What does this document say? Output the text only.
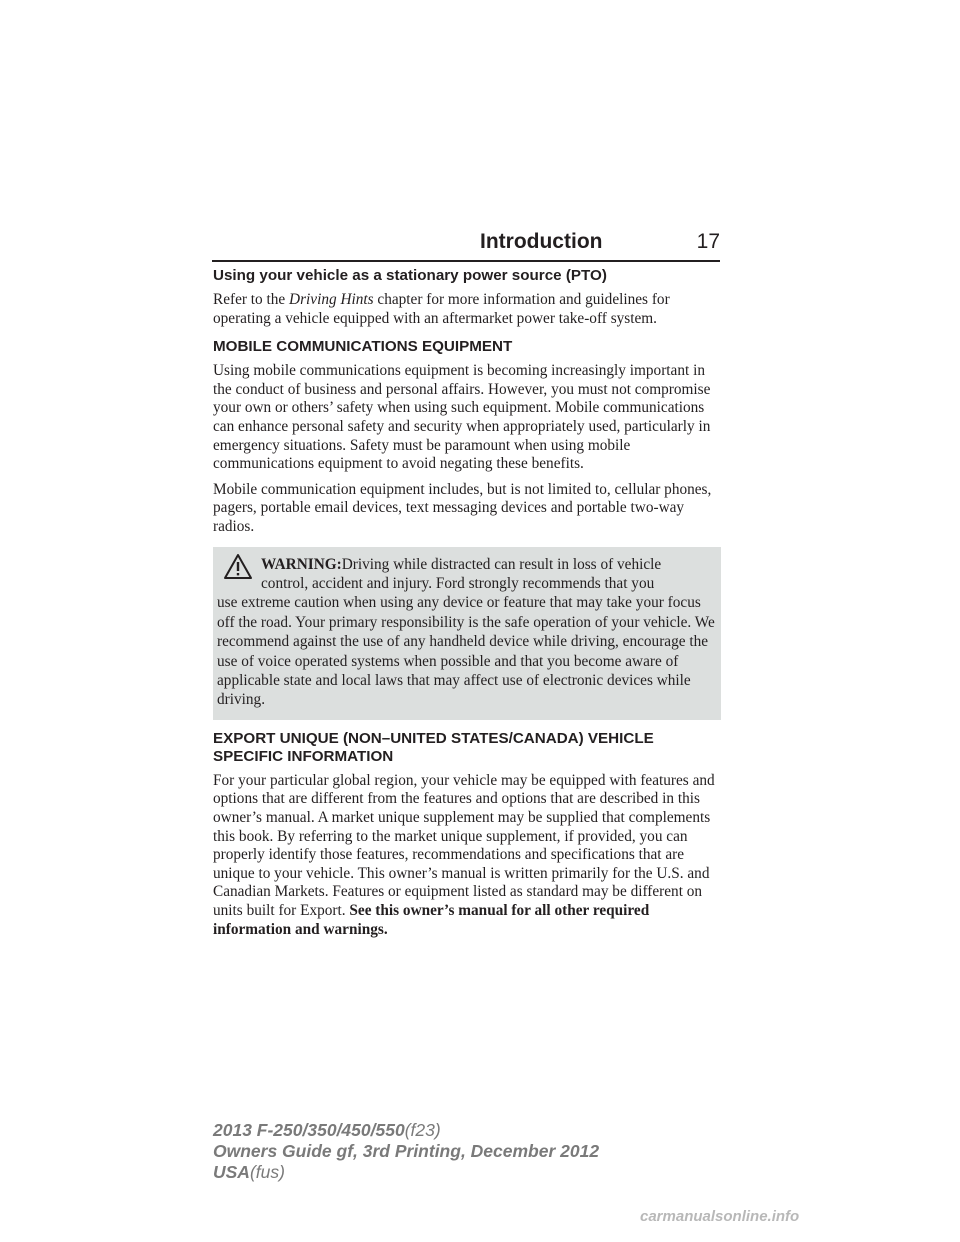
Introduction	17
Using your vehicle as a stationary power source (PTO)

Refer to the Driving Hints chapter for more information and guidelines for operating a vehicle equipped with an aftermarket power take-off system.

MOBILE COMMUNICATIONS EQUIPMENT

Using mobile communications equipment is becoming increasingly important in the conduct of business and personal affairs. However, you must not compromise your own or others’ safety when using such equipment. Mobile communications can enhance personal safety and security when appropriately used, particularly in emergency situations. Safety must be paramount when using mobile communications equipment to avoid negating these benefits.

Mobile communication equipment includes, but is not limited to, cellular phones, pagers, portable email devices, text messaging devices and portable two-way radios.

WARNING:Driving while distracted can result in loss of vehicle
control, accident and injury. Ford strongly recommends that you
use extreme caution when using any device or feature that may take your focus off the road. Your primary responsibility is the safe operation of your vehicle. We recommend against the use of any handheld device while driving, encourage the use of voice operated systems when possible and that you become aware of applicable state and local laws that may affect use of electronic devices while driving.
EXPORT UNIQUE (NON–UNITED STATES/CANADA) VEHICLE SPECIFIC INFORMATION

For your particular global region, your vehicle may be equipped with features and options that are different from the features and options that are described in this owner’s manual. A market unique supplement may be supplied that complements this book. By referring to the market unique supplement, if provided, you can properly identify those features, recommendations and specifications that are unique to your vehicle. This owner’s manual is written primarily for the U.S. and Canadian Markets. Features or equipment listed as standard may be different on units built for Export. See this owner’s manual for all other required information and warnings.

2013 F-250/350/450/550(f23)
Owners Guide gf, 3rd Printing, December 2012
USA(fus)
carmanualsonline.info
